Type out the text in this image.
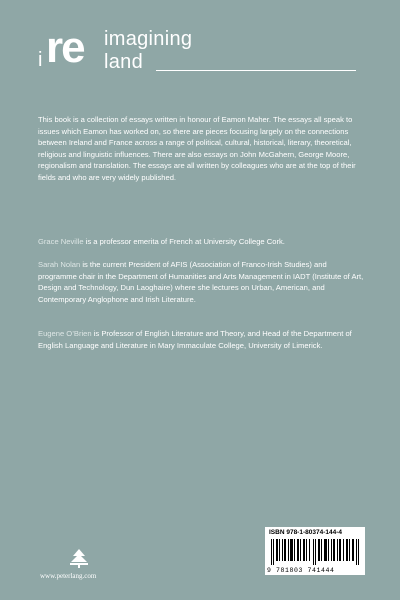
i re imagining
land

This book is a collection of essays written in honour of Eamon Maher. The essays all speak to issues which Eamon has worked on, so there are pieces focusing largely on the connections between Ireland and France across a range of political, cultural, historical, literary, theoretical, religious and linguistic influences. There are also essays on John McGahern, George Moore, regionalism and translation. The essays are all written by colleagues who are at the top of their fields and who are very widely published.

Grace Neville is a professor emerita of French at University College Cork.

Sarah Nolan is the current President of AFIS (Association of Franco-Irish Studies) and programme chair in the Department of Humanities and Arts Management in IADT (Institute of Art, Design and Technology, Dun Laoghaire) where she lectures on Urban, American, and Contemporary Anglophone and Irish Literature.

Eugene O’Brien is Professor of English Literature and Theory, and Head of the Department of English Language and Literature in Mary Immaculate College, University of Limerick.

www.peterlang.com
ISBN 978-1-80374-144-4
9 781803 741444
